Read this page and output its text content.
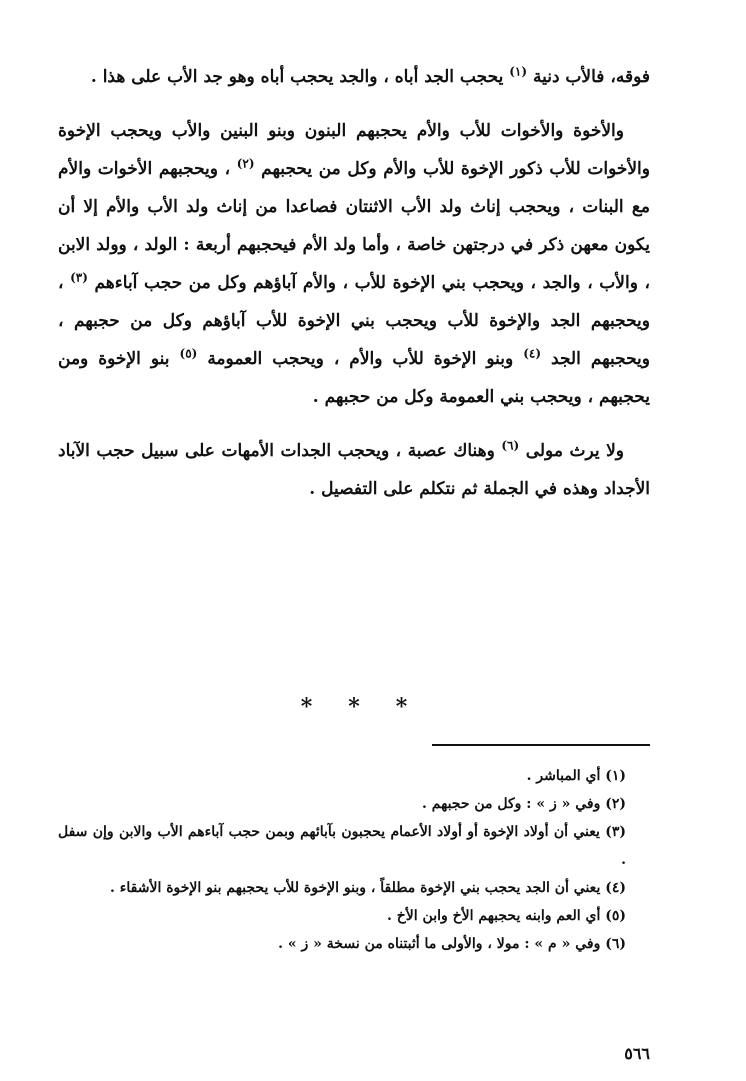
فوقه، فالأب دنية $^{(١)}$ يحجب الجد أباه ، والجد يحجب أباه وهو جد الأب على هذا .

والأخوة والأخوات للأب والأم يحجبهم البنون وبنو البنين والأب ويحجب الإخوة والأخوات للأب ذكور الإخوة للأب والأم وكل من يحجبهم $^{(٢)}$ ، ويحجبهم الأخوات والأم مع البنات ، ويحجب إناث ولد الأب الاثنتان فصاعدا من إناث ولد الأب والأم إلا أن يكون معهن ذكر في درجتهن خاصة ، وأما ولد الأم فيحجبهم أربعة : الولد ، وولد الابن ، والأب ، والجد ، ويحجب بني الإخوة للأب ، والأم آباؤهم وكل من حجب آباءهم $^{(٣)}$ ، ويحجبهم الجد والإخوة للأب ويحجب بني الإخوة للأب آباؤهم وكل من حجبهم ، ويحجبهم الجد $^{(٤)}$ وبنو الإخوة للأب والأم ، ويحجب العمومة $^{(٥)}$ بنو الإخوة ومن يحجبهم ، ويحجب بني العمومة وكل من حجبهم .

ولا يرث مولى $^{(٦)}$ وهناك عصبة ، ويحجب الجدات الأمهات على سبيل حجب الآباد الأجداد وهذه في الجملة ثم نتكلم على التفصيل .

* * *

(١) أي المباشر .

(٢) وفي « ز » : وكل من حجبهم .

(٣) يعني أن أولاد الإخوة أو أولاد الأعمام يحجبون بآبائهم وبمن حجب آباءهم الأب والابن وإن سفل .

(٤) يعني أن الجد يحجب بني الإخوة مطلقاً ، وبنو الإخوة للأب يحجبهم بنو الإخوة الأشقاء .

(٥) أي العم وابنه يحجبهم الأخ وابن الأخ .

(٦) وفي « م » : مولا ، والأولى ما أثبتناه من نسخة « ز » .

٥٦٦
